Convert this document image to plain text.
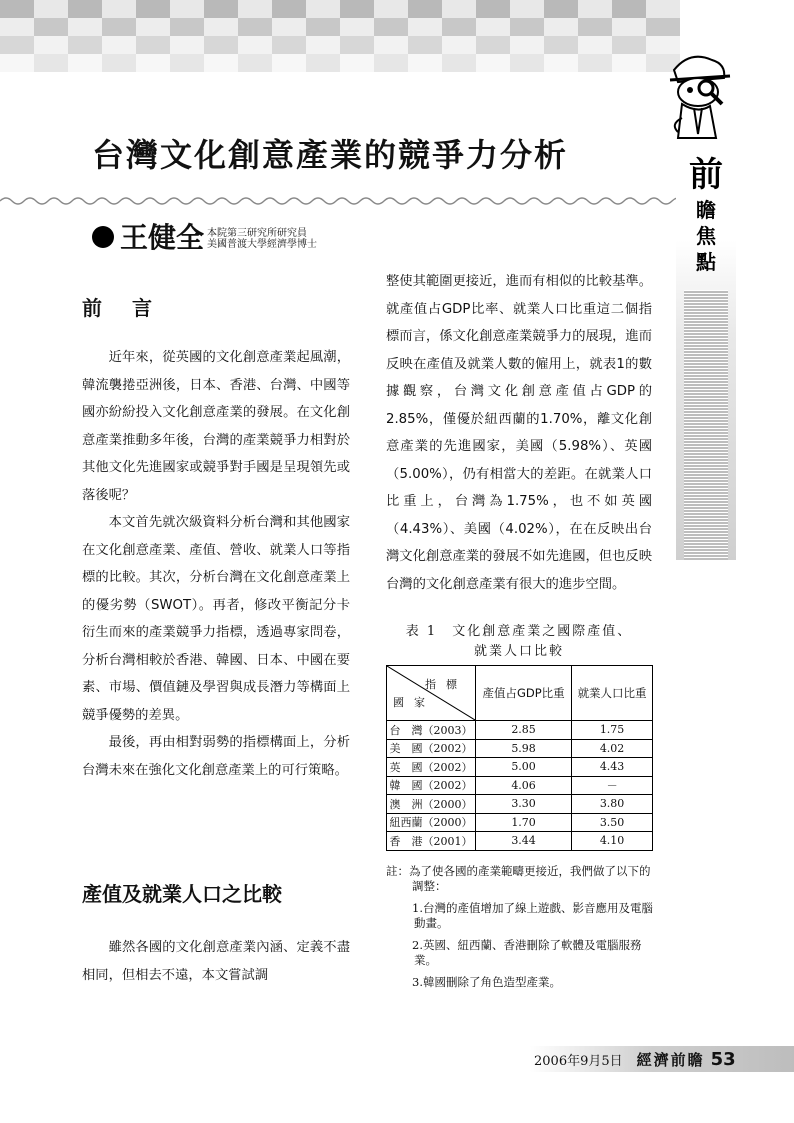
前
瞻
焦
點
台灣文化創意產業的競爭力分析
王健全 本院第三研究所研究員
美國普渡大學經濟學博士
前言
產值及就業人口之比較

近年來，從英國的文化創意產業起風潮，韓流襲捲亞洲後，日本、香港、台灣、中國等國亦紛紛投入文化創意產業的發展。在文化創意產業推動多年後，台灣的產業競爭力相對於其他文化先進國家或競爭對手國是呈現領先或落後呢？

本文首先就次級資料分析台灣和其他國家在文化創意產業、產值、營收、就業人口等指標的比較。其次，分析台灣在文化創意產業上的優劣勢（SWOT）。再者，修改平衡記分卡衍生而來的產業競爭力指標，透過專家問卷，分析台灣相較於香港、韓國、日本、中國在要素、市場、價值鏈及學習與成長潛力等構面上競爭優勢的差異。

最後，再由相對弱勢的指標構面上，分析台灣未來在強化文化創意產業上的可行策略。

雖然各國的文化創意產業內涵、定義不盡相同，但相去不遠，本文嘗試調

整使其範圍更接近，進而有相似的比較基準。就產值占GDP比率、就業人口比重這二個指標而言，係文化創意產業競爭力的展現，進而反映在產值及就業人數的僱用上，就表1的數據觀察，台灣文化創意產值占GDP的2.85%，僅優於紐西蘭的1.70%，離文化創意產業的先進國家，美國（5.98%）、英國（5.00%），仍有相當大的差距。在就業人口比重上，台灣為1.75%，也不如英國（4.43%）、美國（4.02%），在在反映出台灣文化創意產業的發展不如先進國，但也反映台灣的文化創意產業有很大的進步空間。

表 1　文化創意產業之國際產值、
就業人口比較
指標
國家	產值占GDP比重	就業人口比重
台　灣（2003）	2.85	1.75
美　國（2002）	5.98	4.02
英　國（2002）	5.00	4.43
韓　國（2002）	4.06	－
澳　洲（2000）	3.30	3.80
紐西蘭（2000）	1.70	3.50
香　港（2001）	3.44	4.10
註：為了使各國的產業範疇更接近，我們做了以下的調整：
1.台灣的產值增加了線上遊戲、影音應用及電腦動畫。
2.英國、紐西蘭、香港刪除了軟體及電腦服務業。
3.韓國刪除了角色造型產業。
2006年9月5日 經濟前瞻 53
